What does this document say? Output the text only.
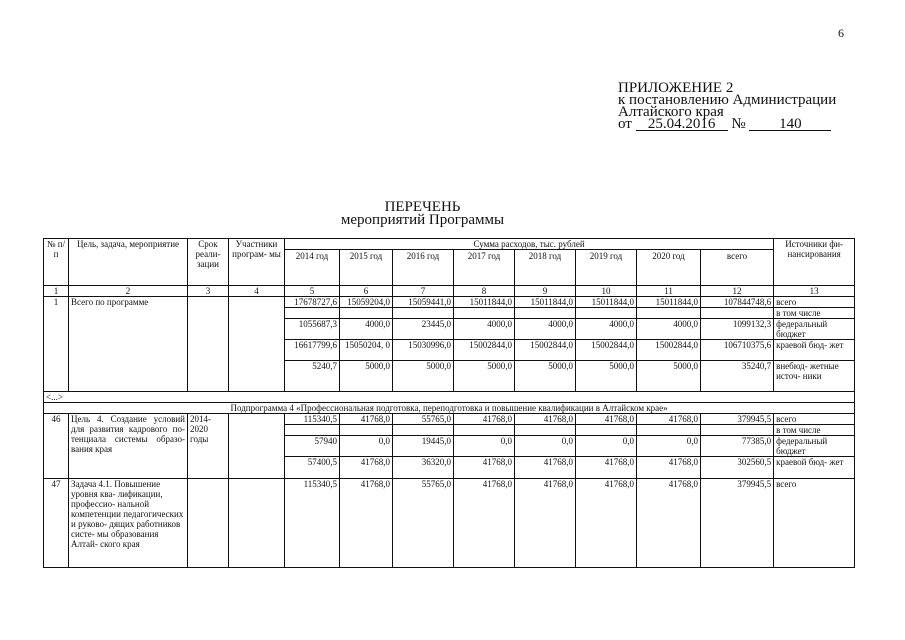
6
ПРИЛОЖЕНИЕ 2
к постановлению Администрации
Алтайского края
от 25.04.2016 № 140
ПЕРЕЧЕНЬ
мероприятий Программы
№ п/п	Цель, задача, мероприятие	Срок реали- зации	Участники програм- мы	Сумма расходов, тыс. рублей								Источники фи- нансирования
				2014 год	2015 год	2016 год	2017 год	2018 год	2019 год	2020 год	всего	
1	2	3	4	5	6	7	8	9	10	11	12	13
1	Всего по программе			17678727,6	15059204,0	15059441,0	15011844,0	15011844,0	15011844,0	15011844,0	107844748,6	всего
												в том числе
				1055687,3	4000,0	23445,0	4000,0	4000,0	4000,0	4000,0	1099132,3	федеральный бюджет
				16617799,6	15050204, 0	15030996,0	15002844,0	15002844,0	15002844,0	15002844,0	106710375,6	краевой бюд- жет
				5240,7	5000,0	5000,0	5000,0	5000,0	5000,0	5000,0	35240,7	внебюд- жетные источ- ники
<...>												
Подпрограмма 4 «Профессиональная подготовка, переподготовка и повышение квалификации в Алтайском крае»												
46	Цель 4. Создание условий для развития кадрового по- тенциала системы образо- вания края	2014- 2020 годы		115340,5	41768,0	55765,0	41768,0	41768,0	41768,0	41768,0	379945,5	всего
												в том числе
				57940	0,0	19445,0	0,0	0,0	0,0	0,0	77385,0	федеральный бюджет
				57400,5	41768,0	36320,0	41768,0	41768,0	41768,0	41768,0	302560,5	краевой бюд- жет
47	Задача 4.1. Повышение уровня ква- лификации, профессио- нальной компетенции педагогических и руково- дящих работников систе- мы образования Алтай- ского края			115340,5	41768,0	55765,0	41768,0	41768,0	41768,0	41768,0	379945,5	всего
